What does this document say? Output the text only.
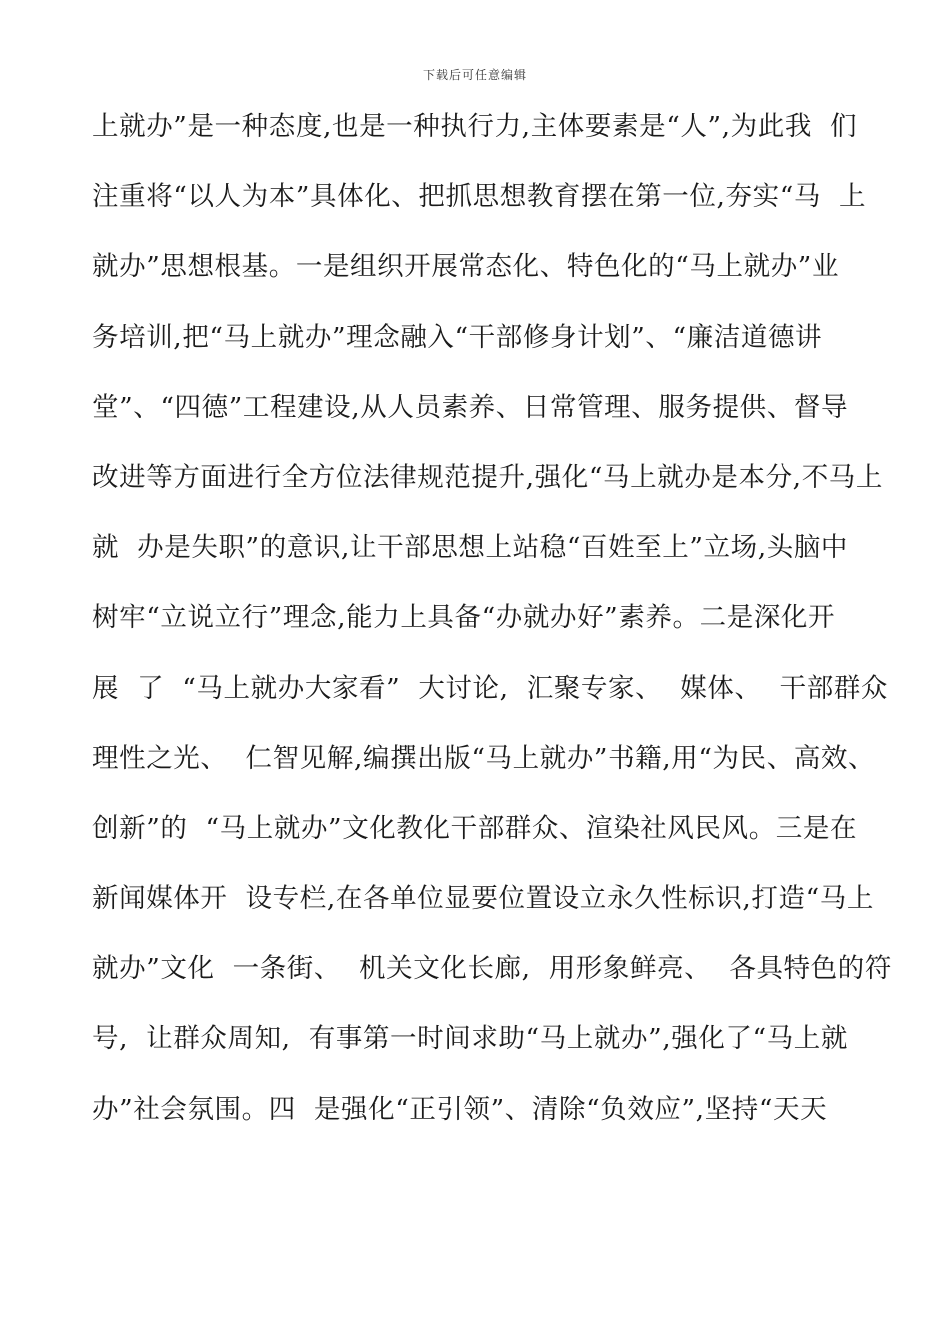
下载后可任意编辑
上就办”是一种态度,也是一种执行力,主体要素是“人”,为此我  们
注重将“以人为本”具体化、把抓思想教育摆在第一位,夯实“马  上
就办”思想根基。一是组织开展常态化、特色化的“马上就办”业
务培训,把“马上就办”理念融入“干部修身计划”、“廉洁道德讲
堂”、“四德”工程建设,从人员素养、日常管理、服务提供、督导
改进等方面进行全方位法律规范提升,强化“马上就办是本分,不马上
就  办是失职”的意识,让干部思想上站稳“百姓至上”立场,头脑中
树牢“立说立行”理念,能力上具备“办就办好”素养。二是深化开
展  了  “马上就办大家看”  大讨论,  汇聚专家、  媒体、  干部群众
理性之光、  仁智见解,编撰出版“马上就办”书籍,用“为民、高效、
创新”的  “马上就办”文化教化干部群众、渲染社风民风。三是在
新闻媒体开  设专栏,在各单位显要位置设立永久性标识,打造“马上
就办”文化  一条街、  机关文化长廊,  用形象鲜亮、  各具特色的符
号,  让群众周知,  有事第一时间求助“马上就办”,强化了“马上就
办”社会氛围。四  是强化“正引领”、清除“负效应”,坚持“天天
